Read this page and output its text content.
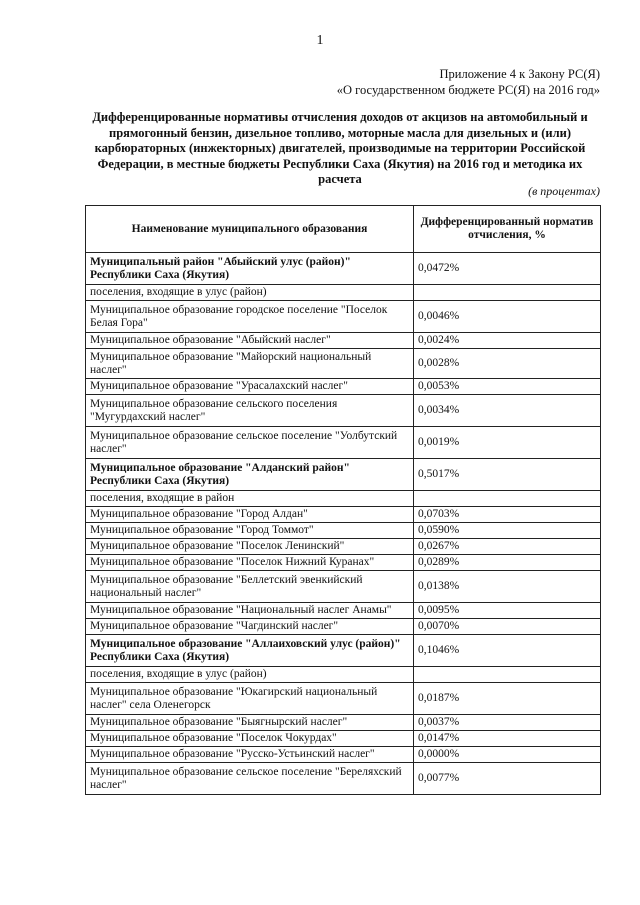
1
Приложение 4 к Закону РС(Я)
«О государственном бюджете РС(Я) на 2016 год»
Дифференцированные нормативы отчисления доходов от акцизов на автомобильный и прямогонный бензин, дизельное топливо, моторные масла для дизельных и (или) карбюраторных (инжекторных) двигателей, производимые на территории Российской Федерации, в местные бюджеты Республики Саха (Якутия) на 2016 год и методика их расчета
(в процентах)
Наименование муниципального образования	Дифференцированный норматив отчисления, %
Муниципальный район "Абыйский улус (район)" Республики Саха (Якутия)	0,0472%
поселения, входящие в улус (район)	
Муниципальное образование городское поселение "Поселок Белая Гора"	0,0046%
Муниципальное образование "Абыйский наслег"	0,0024%
Муниципальное образование "Майорский национальный наслег"	0,0028%
Муниципальное образование "Урасалахский наслег"	0,0053%
Муниципальное образование сельского поселения "Мугурдахский наслег"	0,0034%
Муниципальное образование сельское поселение "Уолбутский наслег"	0,0019%
Муниципальное образование "Алданский район" Республики Саха (Якутия)	0,5017%
поселения, входящие в район	
Муниципальное образование "Город Алдан"	0,0703%
Муниципальное образование "Город Томмот"	0,0590%
Муниципальное образование "Поселок Ленинский"	0,0267%
Муниципальное образование "Поселок Нижний Куранах"	0,0289%
Муниципальное образование "Беллетский эвенкийский национальный наслег"	0,0138%
Муниципальное образование "Национальный наслег Анамы"	0,0095%
Муниципальное образование "Чагдинский наслег"	0,0070%
Муниципальное образование "Аллаиховский улус (район)" Республики Саха (Якутия)	0,1046%
поселения, входящие в улус (район)	
Муниципальное образование "Юкагирский национальный наслег" села Оленегорск	0,0187%
Муниципальное образование "Быягнырский наслег"	0,0037%
Муниципальное образование "Поселок Чокурдах"	0,0147%
Муниципальное образование "Русско-Устьинский наслег"	0,0000%
Муниципальное образование сельское поселение "Береляхский наслег"	0,0077%
